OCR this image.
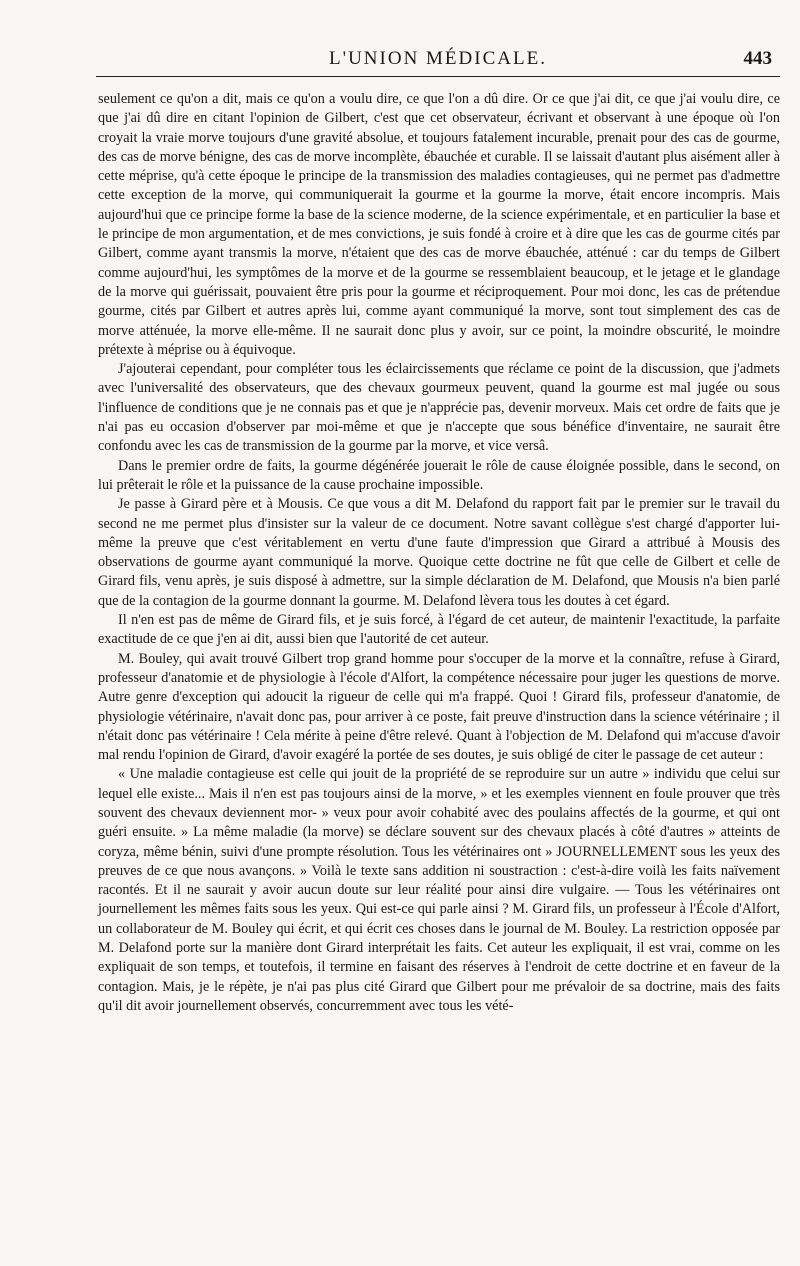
L'UNION MÉDICALE.	443

seulement ce qu'on a dit, mais ce qu'on a voulu dire, ce que l'on a dû dire. Or ce que j'ai dit, ce que j'ai voulu dire, ce que j'ai dû dire en citant l'opinion de Gilbert, c'est que cet observateur, écrivant et observant à une époque où l'on croyait la vraie morve toujours d'une gravité absolue, et toujours fatalement incurable, prenait pour des cas de gourme, des cas de morve bénigne, des cas de morve incomplète, ébauchée et curable. Il se laissait d'autant plus aisément aller à cette méprise, qu'à cette époque le principe de la transmission des maladies contagieuses, qui ne permet pas d'admettre cette exception de la morve, qui communiquerait la gourme et la gourme la morve, était encore incompris. Mais aujourd'hui que ce principe forme la base de la science moderne, de la science expérimentale, et en particulier la base et le principe de mon argumentation, et de mes convictions, je suis fondé à croire et à dire que les cas de gourme cités par Gilbert, comme ayant transmis la morve, n'étaient que des cas de morve ébauchée, atténué : car du temps de Gilbert comme aujourd'hui, les symptômes de la morve et de la gourme se ressemblaient beaucoup, et le jetage et le glandage de la morve qui guérissait, pouvaient être pris pour la gourme et réciproquement. Pour moi donc, les cas de prétendue gourme, cités par Gilbert et autres après lui, comme ayant communiqué la morve, sont tout simplement des cas de morve atténuée, la morve elle-même. Il ne saurait donc plus y avoir, sur ce point, la moindre obscurité, le moindre prétexte à méprise ou à équivoque.

J'ajouterai cependant, pour compléter tous les éclaircissements que réclame ce point de la discussion, que j'admets avec l'universalité des observateurs, que des chevaux gourmeux peuvent, quand la gourme est mal jugée ou sous l'influence de conditions que je ne connais pas et que je n'apprécie pas, devenir morveux. Mais cet ordre de faits que je n'ai pas eu occasion d'observer par moi-même et que je n'accepte que sous bénéfice d'inventaire, ne saurait être confondu avec les cas de transmission de la gourme par la morve, et vice versâ.

Dans le premier ordre de faits, la gourme dégénérée jouerait le rôle de cause éloignée possible, dans le second, on lui prêterait le rôle et la puissance de la cause prochaine impossible.

Je passe à Girard père et à Mousis. Ce que vous a dit M. Delafond du rapport fait par le premier sur le travail du second ne me permet plus d'insister sur la valeur de ce document. Notre savant collègue s'est chargé d'apporter lui-même la preuve que c'est véritablement en vertu d'une faute d'impression que Girard a attribué à Mousis des observations de gourme ayant communiqué la morve. Quoique cette doctrine ne fût que celle de Gilbert et celle de Girard fils, venu après, je suis disposé à admettre, sur la simple déclaration de M. Delafond, que Mousis n'a bien parlé que de la contagion de la gourme donnant la gourme. M. Delafond lèvera tous les doutes à cet égard.

Il n'en est pas de même de Girard fils, et je suis forcé, à l'égard de cet auteur, de maintenir l'exactitude, la parfaite exactitude de ce que j'en ai dit, aussi bien que l'autorité de cet auteur.

M. Bouley, qui avait trouvé Gilbert trop grand homme pour s'occuper de la morve et la connaître, refuse à Girard, professeur d'anatomie et de physiologie à l'école d'Alfort, la compétence nécessaire pour juger les questions de morve. Autre genre d'exception qui adoucit la rigueur de celle qui m'a frappé. Quoi ! Girard fils, professeur d'anatomie, de physiologie vétérinaire, n'avait donc pas, pour arriver à ce poste, fait preuve d'instruction dans la science vétérinaire ; il n'était donc pas vétérinaire ! Cela mérite à peine d'être relevé. Quant à l'objection de M. Delafond qui m'accuse d'avoir mal rendu l'opinion de Girard, d'avoir exagéré la portée de ses doutes, je suis obligé de citer le passage de cet auteur :

« Une maladie contagieuse est celle qui jouit de la propriété de se reproduire sur un autre » individu que celui sur lequel elle existe... Mais il n'en est pas toujours ainsi de la morve, » et les exemples viennent en foule prouver que très souvent des chevaux deviennent mor- » veux pour avoir cohabité avec des poulains affectés de la gourme, et qui ont guéri ensuite. » La même maladie (la morve) se déclare souvent sur des chevaux placés à côté d'autres » atteints de coryza, même bénin, suivi d'une prompte résolution. Tous les vétérinaires ont » JOURNELLEMENT sous les yeux des preuves de ce que nous avançons. » Voilà le texte sans addition ni soustraction : c'est-à-dire voilà les faits naïvement racontés. Et il ne saurait y avoir aucun doute sur leur réalité pour ainsi dire vulgaire. — Tous les vétérinaires ont journellement les mêmes faits sous les yeux. Qui est-ce qui parle ainsi ? M. Girard fils, un professeur à l'École d'Alfort, un collaborateur de M. Bouley qui écrit, et qui écrit ces choses dans le journal de M. Bouley. La restriction opposée par M. Delafond porte sur la manière dont Girard interprétait les faits. Cet auteur les expliquait, il est vrai, comme on les expliquait de son temps, et toutefois, il termine en faisant des réserves à l'endroit de cette doctrine et en faveur de la contagion. Mais, je le répète, je n'ai pas plus cité Girard que Gilbert pour me prévaloir de sa doctrine, mais des faits qu'il dit avoir journellement observés, concurremment avec tous les vété-
